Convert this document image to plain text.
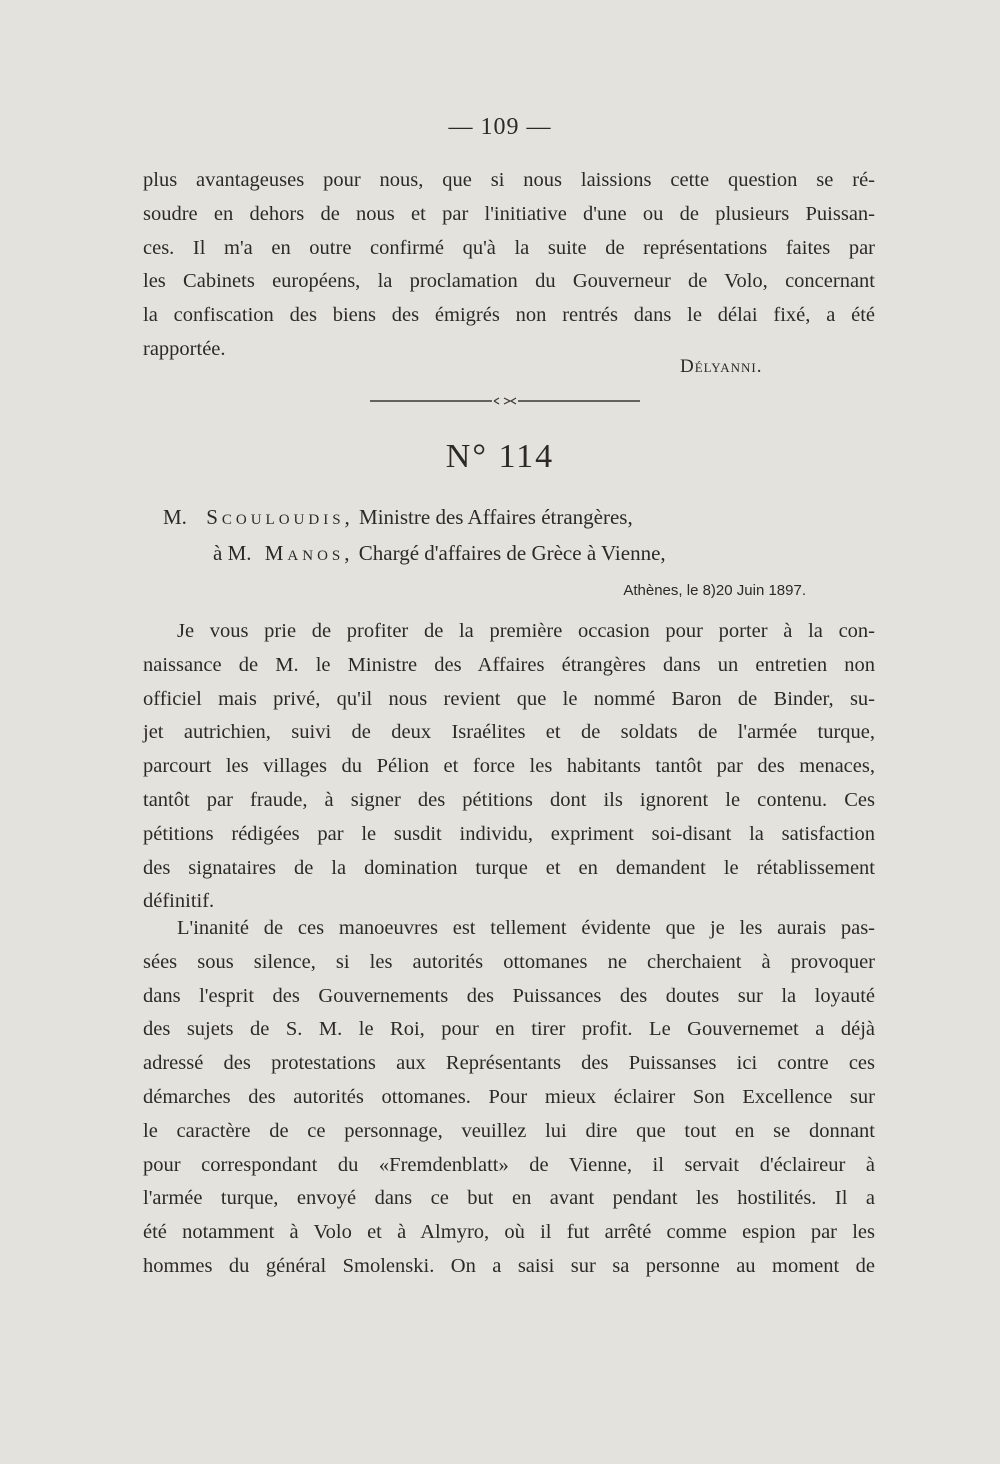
— 109 —
plus avantageuses pour nous, que si nous laissions cette question se ré-
soudre en dehors de nous et par l'initiative d'une ou de plusieurs Puissan-
ces. Il m'a en outre confirmé qu'à la suite de représentations faites par
les Cabinets européens, la proclamation du Gouverneur de Volo, concernant
la confiscation des biens des émigrés non rentrés dans le délai fixé, a été
rapportée.
Délyanni.
N° 114
M. Scouloudis, Ministre des Affaires étrangères,
à M. Manos, Chargé d'affaires de Grèce à Vienne,
Athènes, le 8)20 Juin 1897.
Je vous prie de profiter de la première occasion pour porter à la con-
naissance de M. le Ministre des Affaires étrangères dans un entretien non
officiel mais privé, qu'il nous revient que le nommé Baron de Binder, su-
jet autrichien, suivi de deux Israélites et de soldats de l'armée turque,
parcourt les villages du Pélion et force les habitants tantôt par des menaces,
tantôt par fraude, à signer des pétitions dont ils ignorent le contenu. Ces
pétitions rédigées par le susdit individu, expriment soi-disant la satisfaction
des signataires de la domination turque et en demandent le rétablissement
définitif.
L'inanité de ces manoeuvres est tellement évidente que je les aurais pas-
sées sous silence, si les autorités ottomanes ne cherchaient à provoquer
dans l'esprit des Gouvernements des Puissances des doutes sur la loyauté
des sujets de S. M. le Roi, pour en tirer profit. Le Gouvernemet a déjà
adressé des protestations aux Représentants des Puissanses ici contre ces
démarches des autorités ottomanes. Pour mieux éclairer Son Excellence sur
le caractère de ce personnage, veuillez lui dire que tout en se donnant
pour correspondant du «Fremdenblatt» de Vienne, il servait d'éclaireur à
l'armée turque, envoyé dans ce but en avant pendant les hostilités. Il a
été notamment à Volo et à Almyro, où il fut arrêté comme espion par les
hommes du général Smolenski. On a saisi sur sa personne au moment de
